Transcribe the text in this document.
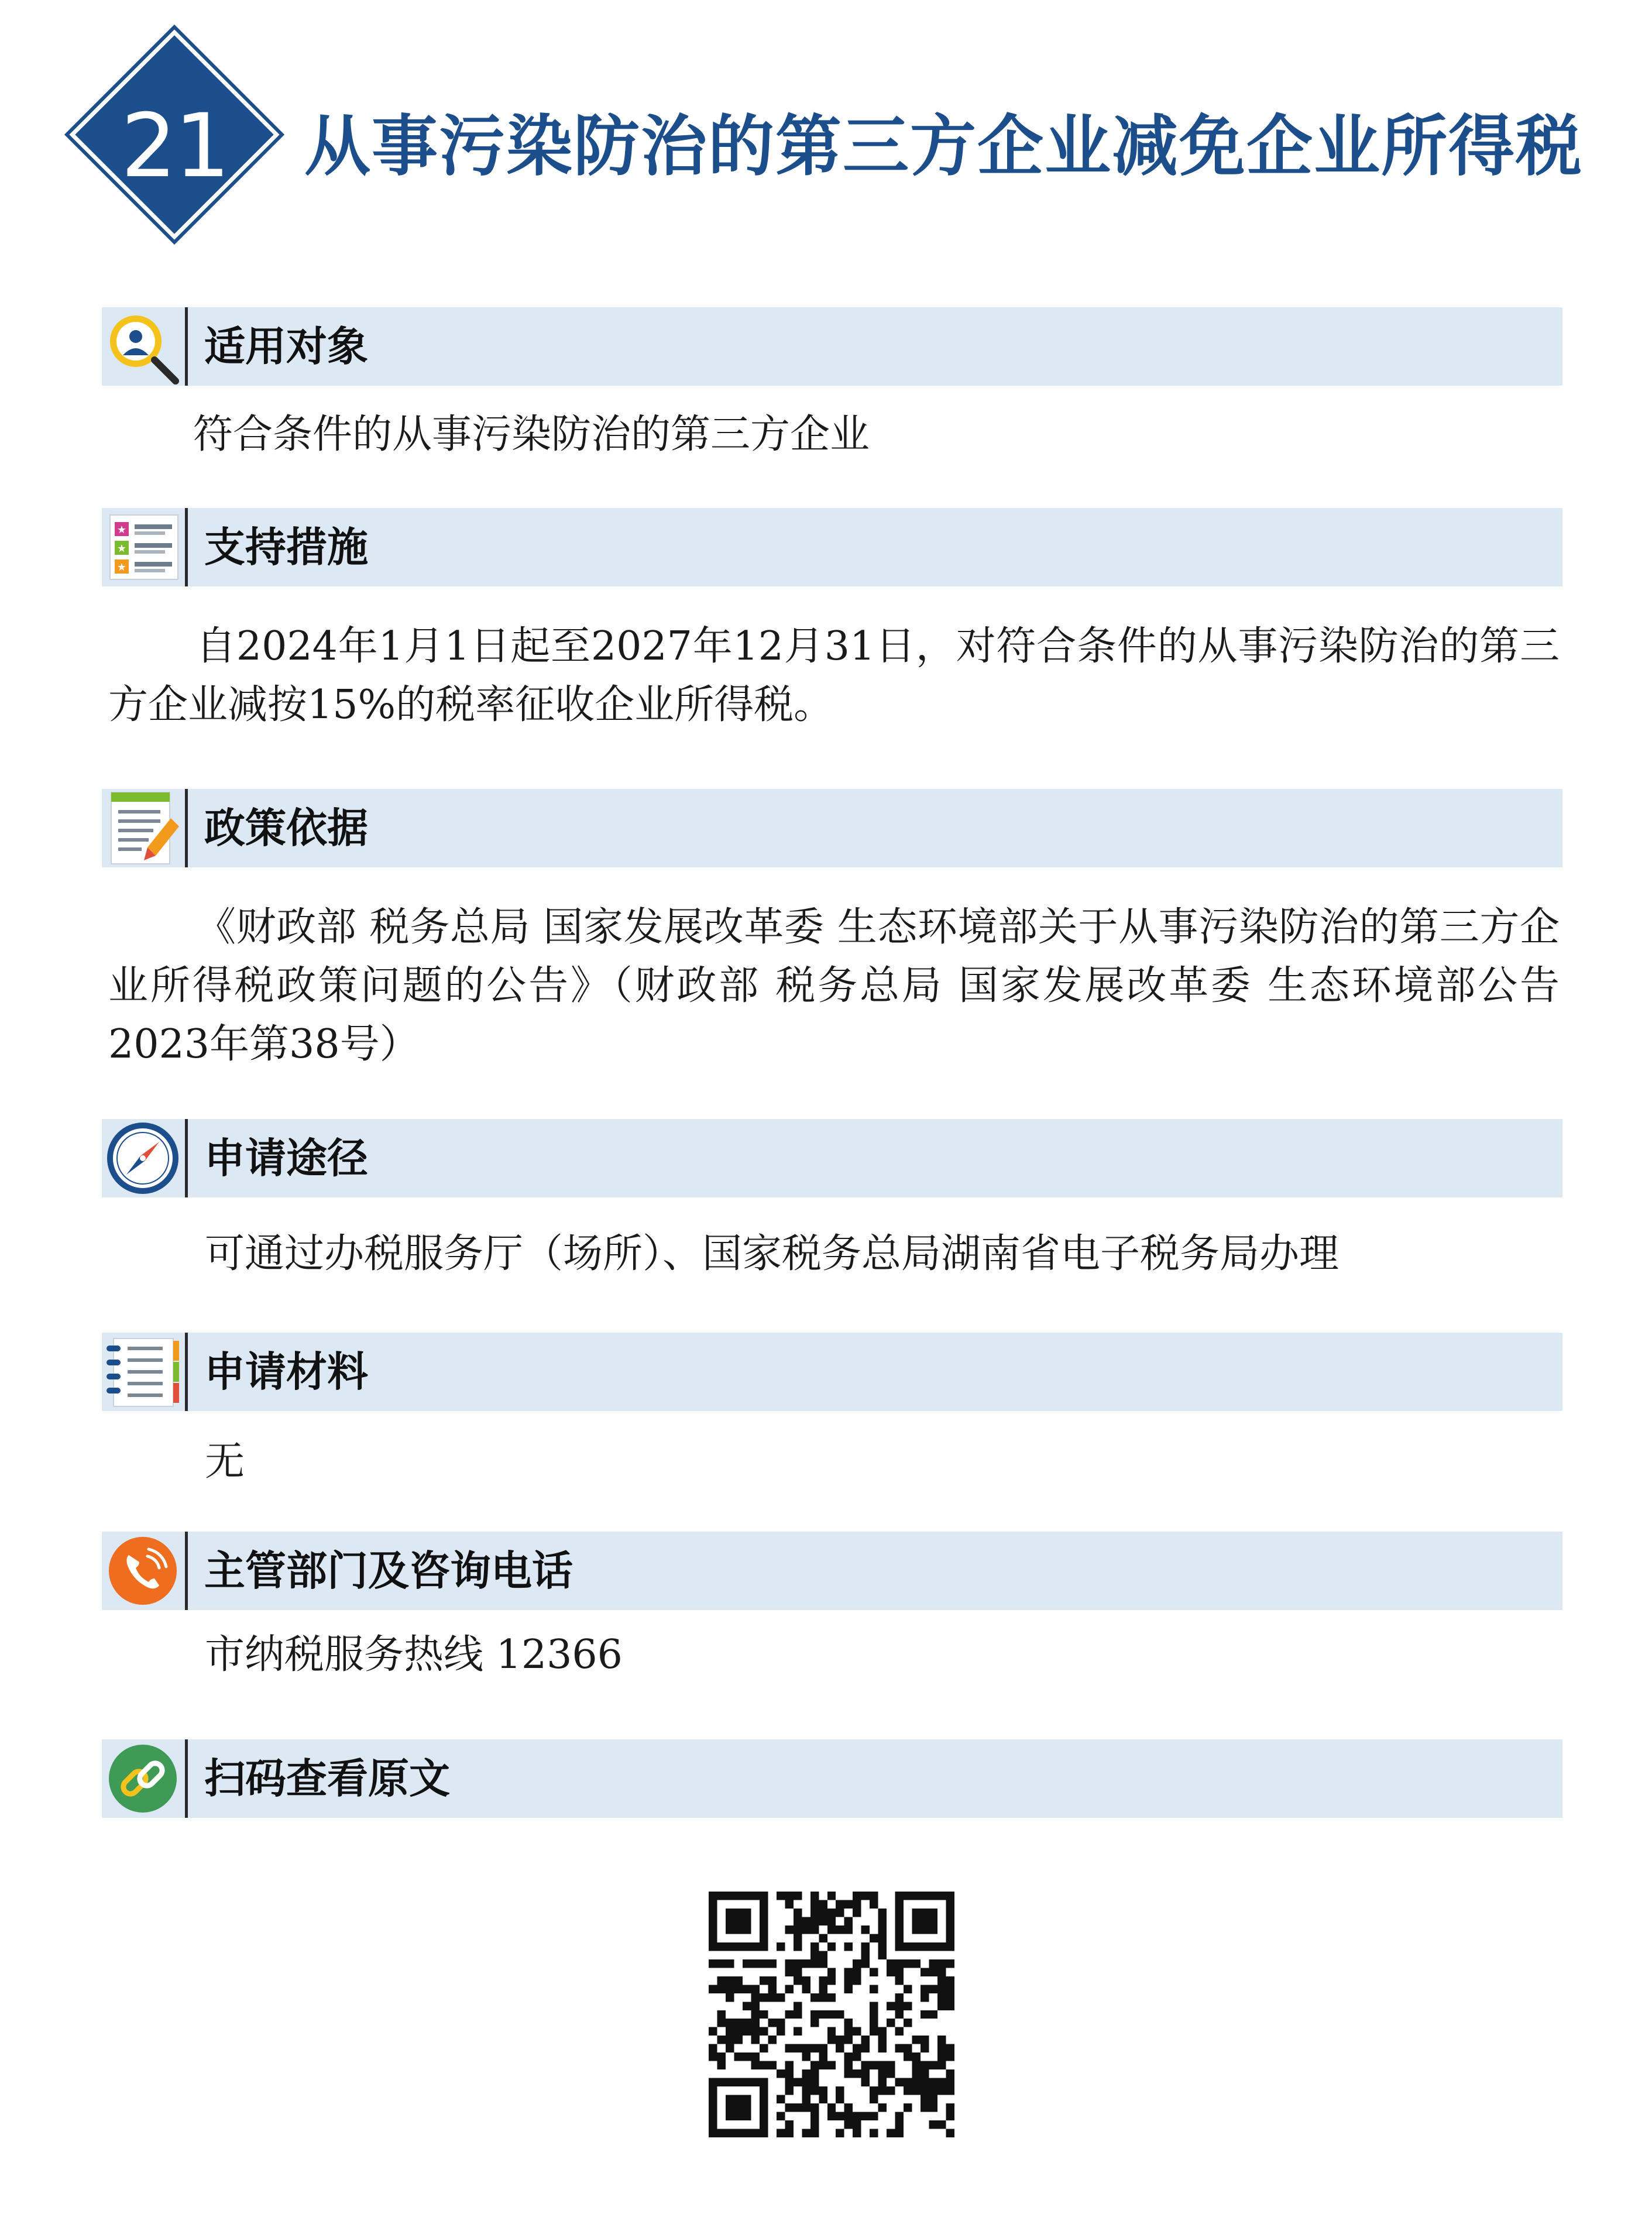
21	从事污染防治的第三方企业减免企业所得税
适用对象
符合条件的从事污染防治的第三方企业
★
★
★ 支持措施

自2024年1月1日起至2027年12月31日，对符合条件的从事污染防治的第三方企业减按15%的税率征收企业所得税。

政策依据

《财政部 税务总局 国家发展改革委 生态环境部关于从事污染防治的第三方企业所得税政策问题的公告》（财政部 税务总局 国家发展改革委 生态环境部公告2023年第38号）

申请途径
可通过办税服务厅（场所）、国家税务总局湖南省电子税务局办理
申请材料
无
主管部门及咨询电话
市纳税服务热线 12366
扫码查看原文
